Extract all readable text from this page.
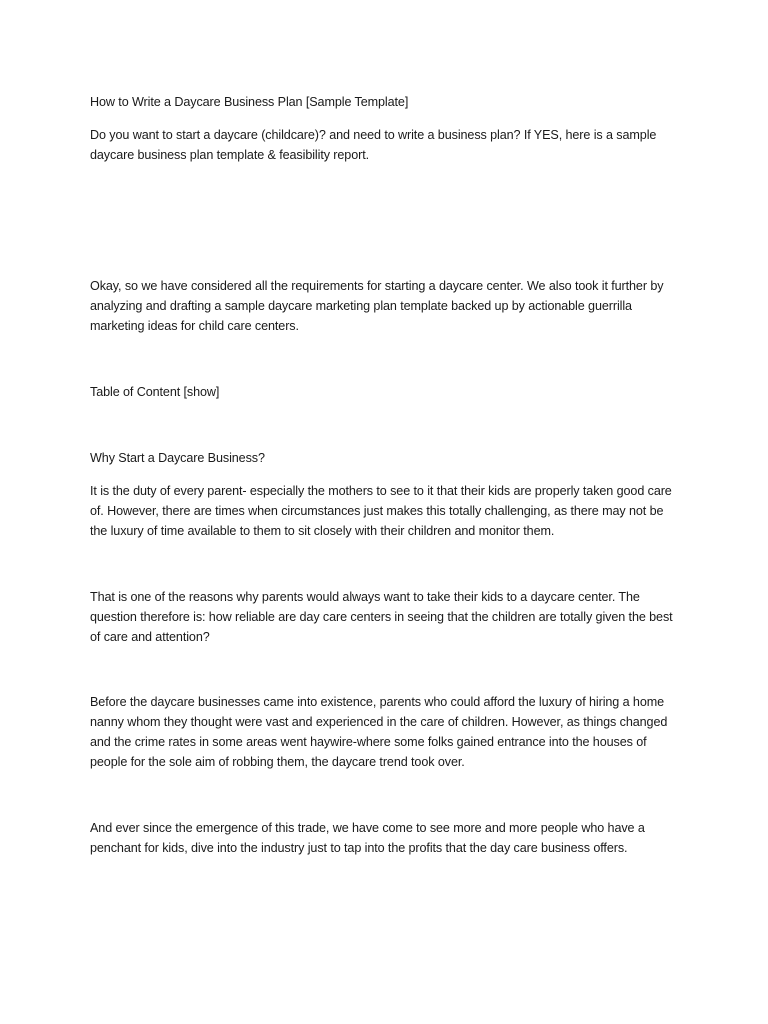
How to Write a Daycare Business Plan [Sample Template]

Do you want to start a daycare (childcare)? and need to write a business plan? If YES, here is a sample daycare business plan template & feasibility report.

Okay, so we have considered all the requirements for starting a daycare center. We also took it further by analyzing and drafting a sample daycare marketing plan template backed up by actionable guerrilla marketing ideas for child care centers.

Table of Content [show]

Why Start a Daycare Business?

It is the duty of every parent- especially the mothers to see to it that their kids are properly taken good care of. However, there are times when circumstances just makes this totally challenging, as there may not be the luxury of time available to them to sit closely with their children and monitor them.

That is one of the reasons why parents would always want to take their kids to a daycare center. The question therefore is: how reliable are day care centers in seeing that the children are totally given the best of care and attention?

Before the daycare businesses came into existence, parents who could afford the luxury of hiring a home nanny whom they thought were vast and experienced in the care of children. However, as things changed and the crime rates in some areas went haywire-where some folks gained entrance into the houses of people for the sole aim of robbing them, the daycare trend took over.

And ever since the emergence of this trade, we have come to see more and more people who have a penchant for kids, dive into the industry just to tap into the profits that the day care business offers.
